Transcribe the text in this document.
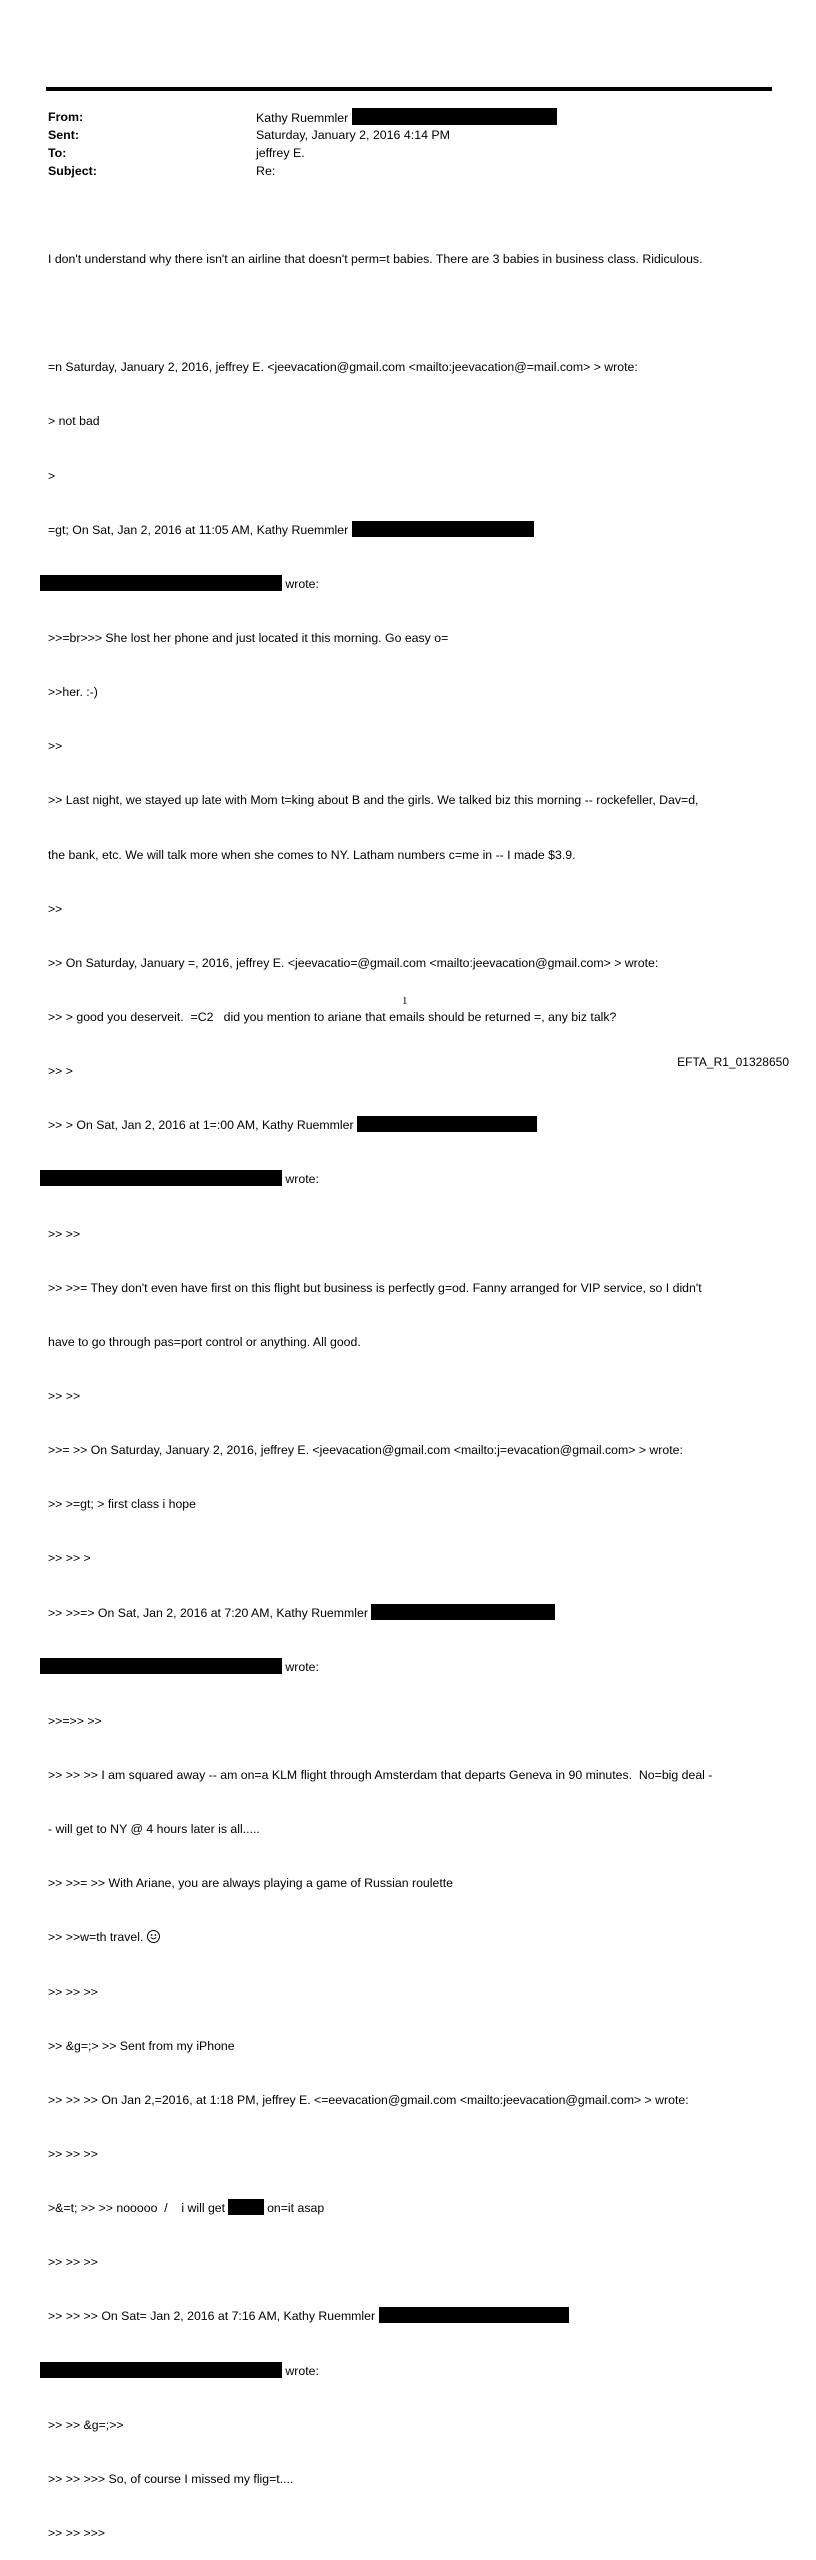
From:	Kathy Ruemmler
Sent:	Saturday, January 2, 2016 4:14 PM
To:	jeffrey E.
Subject:	Re:

I don't understand why there isn't an airline that doesn't perm=t babies. There are 3 babies in business class. Ridiculous.

=n Saturday, January 2, 2016, jeffrey E. <jeevacation@gmail.com <mailto:jeevacation@=mail.com> > wrote:

> not bad

>

=gt; On Sat, Jan 2, 2016 at 11:05 AM, Kathy Ruemmler

wrote:

>>=br>>> She lost her phone and just located it this morning. Go easy o=

>>her. :-)

>>

>> Last night, we stayed up late with Mom t=king about B and the girls. We talked biz this morning -- rockefeller, Dav=d,

the bank, etc. We will talk more when she comes to NY. Latham numbers c=me in -- I made $3.9.

>>

>> On Saturday, January =, 2016, jeffrey E. <jeevacatio=@gmail.com <mailto:jeevacation@gmail.com> > wrote:

>> > good you deserveit.  =C2   did you mention to ariane that emails should be returned =, any biz talk?

>> >

>> > On Sat, Jan 2, 2016 at 1=:00 AM, Kathy Ruemmler

wrote:

>> >>

>> >>= They don't even have first on this flight but business is perfectly g=od. Fanny arranged for VIP service, so I didn't

have to go through pas=port control or anything. All good.

>> >>

>>= >> On Saturday, January 2, 2016, jeffrey E. <jeevacation@gmail.com <mailto:j=evacation@gmail.com> > wrote:

>> >=gt; > first class i hope

>> >> >

>> >>=> On Sat, Jan 2, 2016 at 7:20 AM, Kathy Ruemmler

wrote:

>>=>> >>

>> >> >> I am squared away -- am on=a KLM flight through Amsterdam that departs Geneva in 90 minutes.  No=big deal -

- will get to NY @ 4 hours later is all.....

>> >>= >> With Ariane, you are always playing a game of Russian roulette

>> >>w=th travel.

>> >> >>

>> &g=;> >> Sent from my iPhone

>> >> >> On Jan 2,=2016, at 1:18 PM, jeffrey E. <=eevacation@gmail.com <mailto:jeevacation@gmail.com> > wrote:

>> >> >>

>&=t; >> >> nooooo  /    i will get	on=it asap

>> >> >>

>> >> >> On Sat= Jan 2, 2016 at 7:16 AM, Kathy Ruemmler

wrote:

>> >> &g=;>>

>> >> >>> So, of course I missed my flig=t....

>> >> >>>

1
EFTA_R1_01328650
